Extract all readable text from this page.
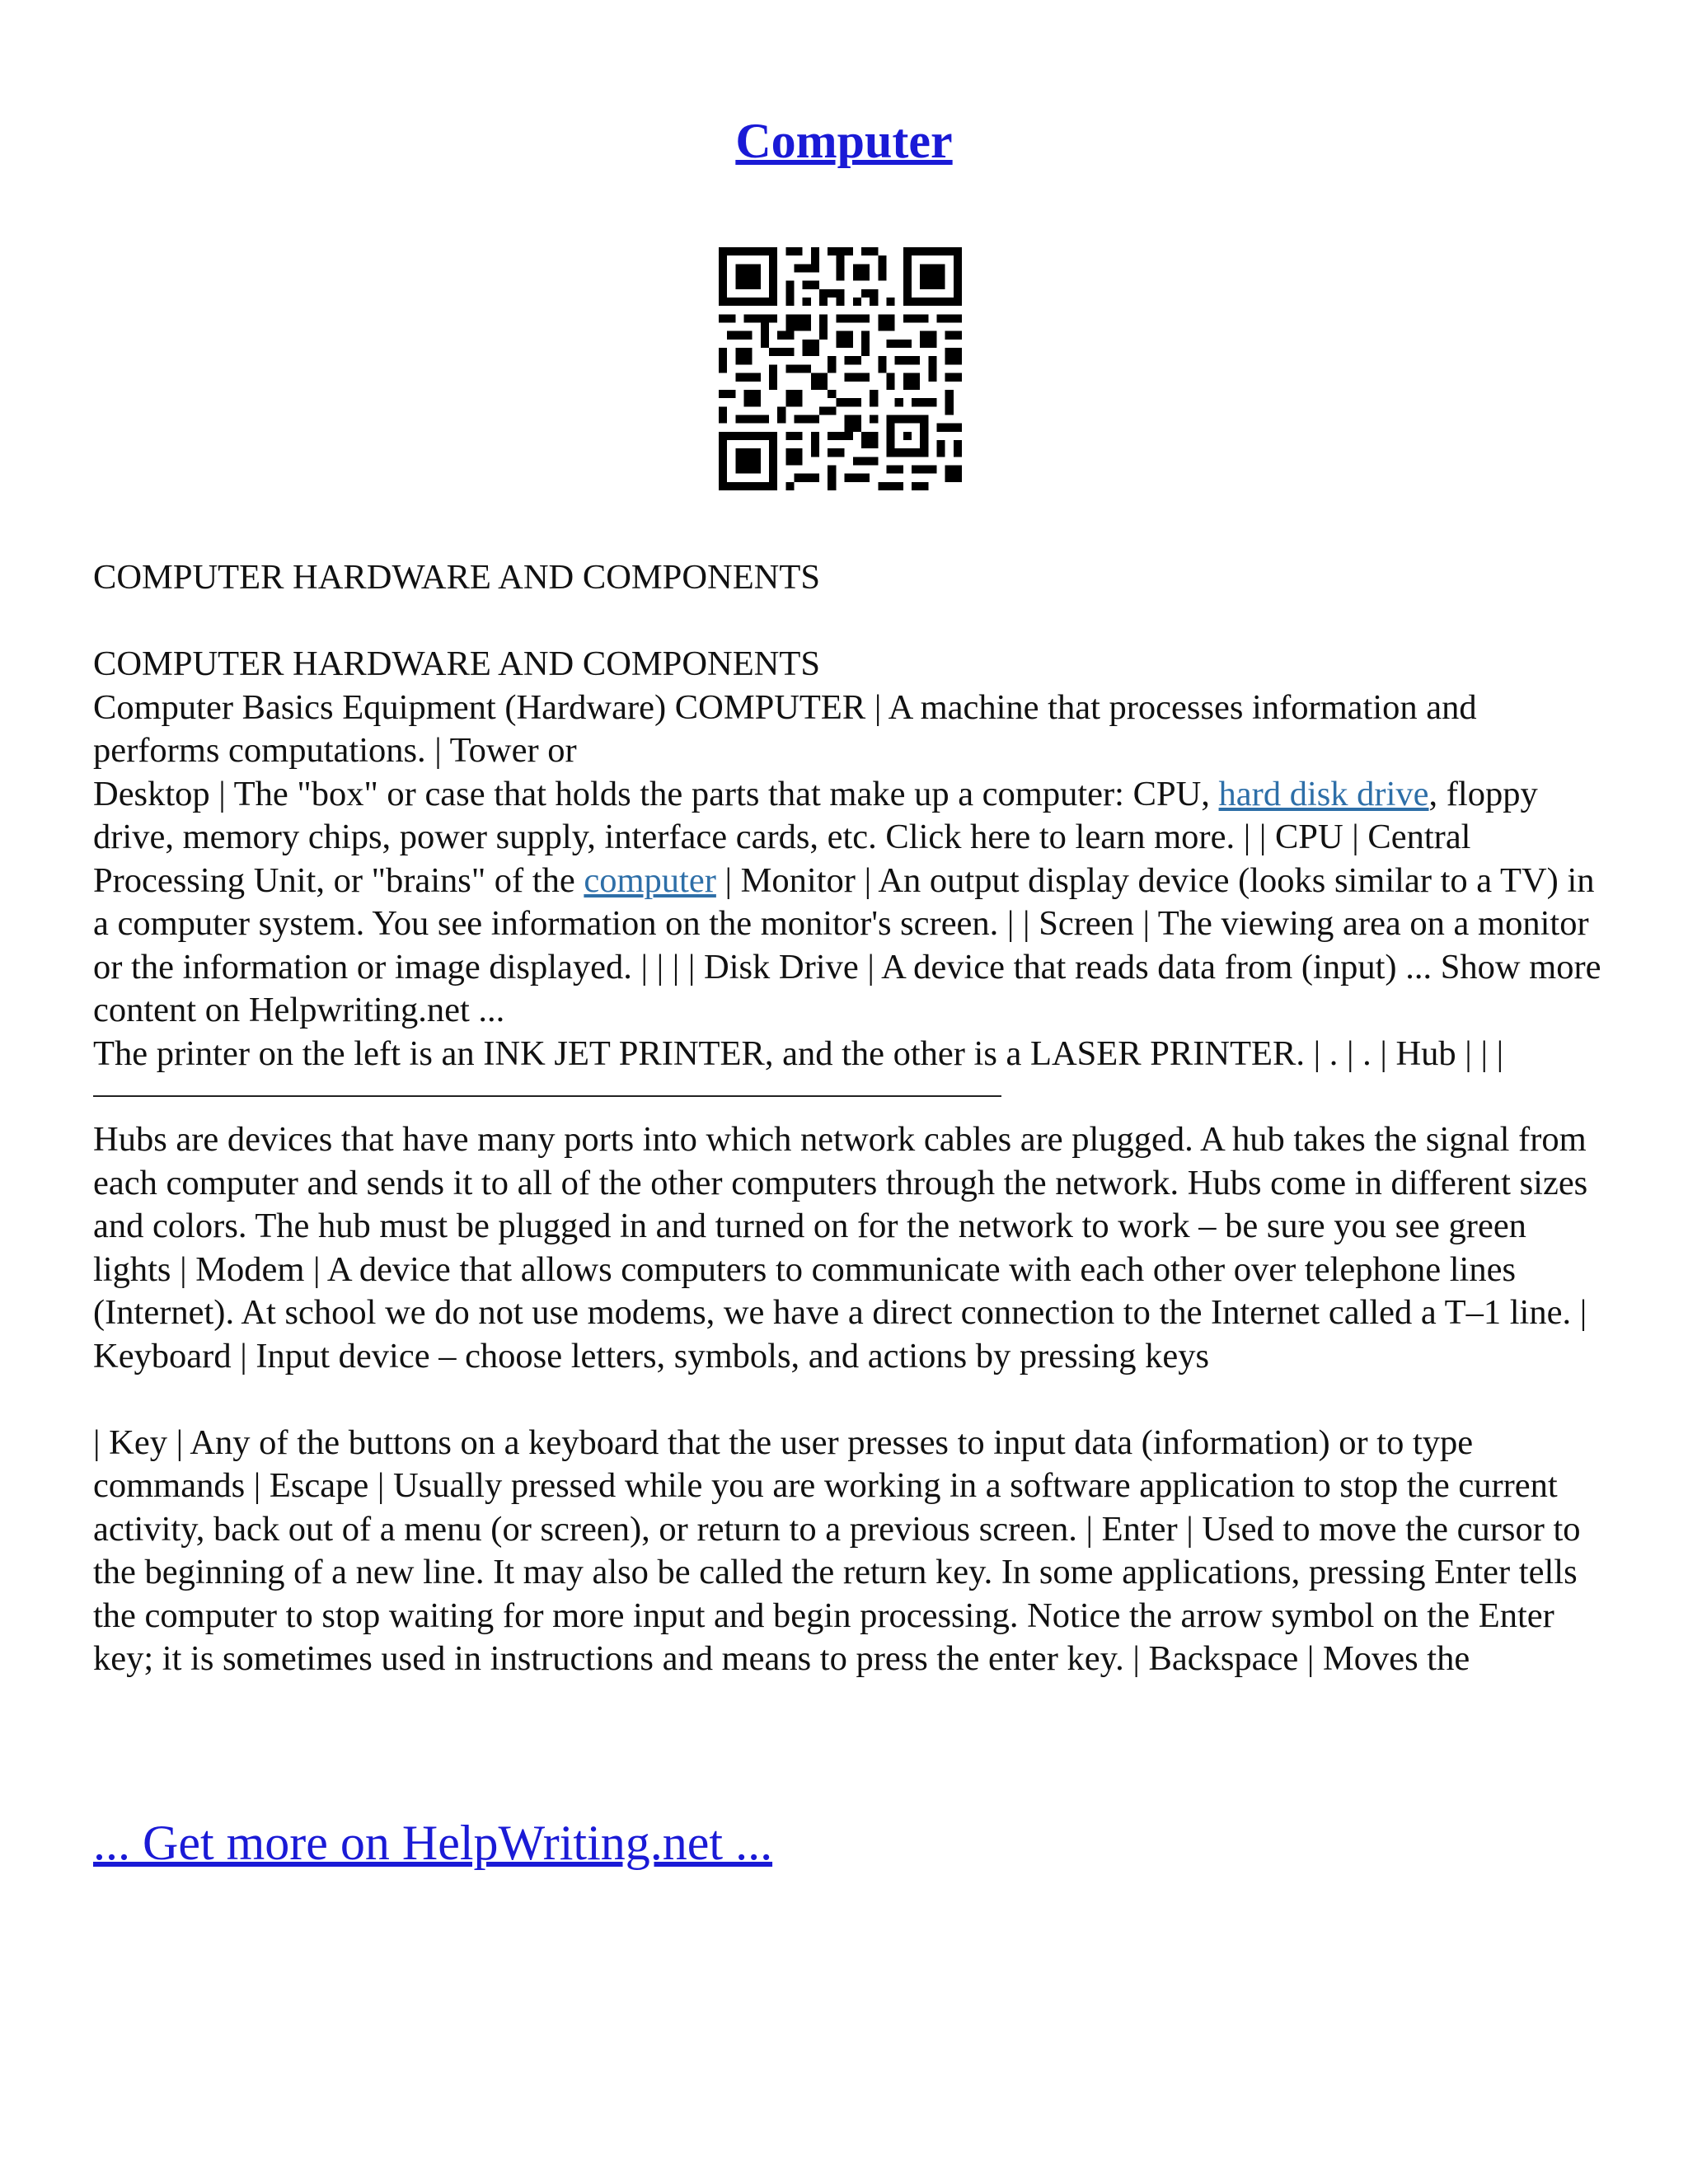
Computer

COMPUTER HARDWARE AND COMPONENTS

COMPUTER HARDWARE AND COMPONENTS

Computer Basics Equipment (Hardware) COMPUTER | A machine that processes information and performs computations. | Tower or

Desktop | The "box" or case that holds the parts that make up a computer: CPU, hard disk drive, floppy drive, memory chips, power supply, interface cards, etc. Click here to learn more. | | CPU | Central Processing Unit, or "brains" of the computer | Monitor | An output display device (looks similar to a TV) in a computer system. You see information on the monitor's screen. | | Screen | The viewing area on a monitor or the information or image displayed. | | | | Disk Drive | A device that reads data from (input) ... Show more content on Helpwriting.net ...

The printer on the left is an INK JET PRINTER, and the other is a LASER PRINTER. | . | . | Hub | | |

Hubs are devices that have many ports into which network cables are plugged. A hub takes the signal from each computer and sends it to all of the other computers through the network. Hubs come in different sizes and colors. The hub must be plugged in and turned on for the network to work – be sure you see green lights | Modem | A device that allows computers to communicate with each other over telephone lines (Internet). At school we do not use modems, we have a direct connection to the Internet called a T–1 line. | Keyboard | Input device – choose letters, symbols, and actions by pressing keys

| Key | Any of the buttons on a keyboard that the user presses to input data (information) or to type commands | Escape | Usually pressed while you are working in a software application to stop the current activity, back out of a menu (or screen), or return to a previous screen. | Enter | Used to move the cursor to the beginning of a new line. It may also be called the return key. In some applications, pressing Enter tells the computer to stop waiting for more input and begin processing. Notice the arrow symbol on the Enter key; it is sometimes used in instructions and means to press the enter key. | Backspace | Moves the

... Get more on HelpWriting.net ...
